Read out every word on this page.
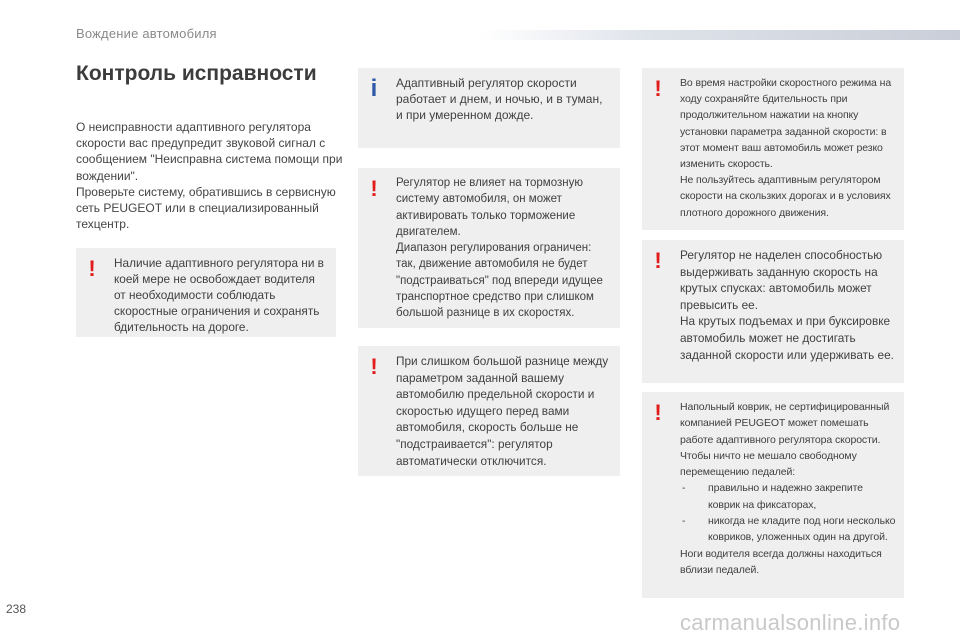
Вождение автомобиля
Контроль исправности

О неисправности адаптивного регулятора скорости вас предупредит звуковой сигнал с сообщением "Неисправна система помощи при вождении".

Проверьте систему, обратившись в сервисную сеть PEUGEOT или в специализированный техцентр.

! Наличие адаптивного регулятора ни в коей мере не освобождает водителя от необходимости соблюдать скоростные ограничения и сохранять бдительность на дороге.

i Адаптивный регулятор скорости работает и днем, и ночью, и в туман, и при умеренном дожде.

! Регулятор не влияет на тормозную систему автомобиля, он может активировать только торможение двигателем.

Диапазон регулирования ограничен: так, движение автомобиля не будет "подстраиваться" под впереди идущее транспортное средство при слишком большой разнице в их скоростях.

! При слишком большой разнице между параметром заданной вашему автомобилю предельной скорости и скоростью идущего перед вами автомобиля, скорость больше не "подстраивается": регулятор автоматически отключится.

! Во время настройки скоростного режима на ходу сохраняйте бдительность при продолжительном нажатии на кнопку установки параметра заданной скорости: в этот момент ваш автомобиль может резко изменить скорость.

Не пользуйтесь адаптивным регулятором скорости на скользких дорогах и в условиях плотного дорожного движения.

! Регулятор не наделен способностью выдерживать заданную скорость на крутых спусках: автомобиль может превысить ее.

На крутых подъемах и при буксировке автомобиль может не достигать заданной скорости или удерживать ее.

! Напольный коврик, не сертифицированный компанией PEUGEOT может помешать работе адаптивного регулятора скорости.

Чтобы ничто не мешало свободному перемещению педалей:

-	правильно и надежно закрепите коврик на фиксаторах,
-	никогда не кладите под ноги несколько ковриков, уложенных один на другой.

Ноги водителя всегда должны находиться вблизи педалей.

238
carmanualsonline.info
